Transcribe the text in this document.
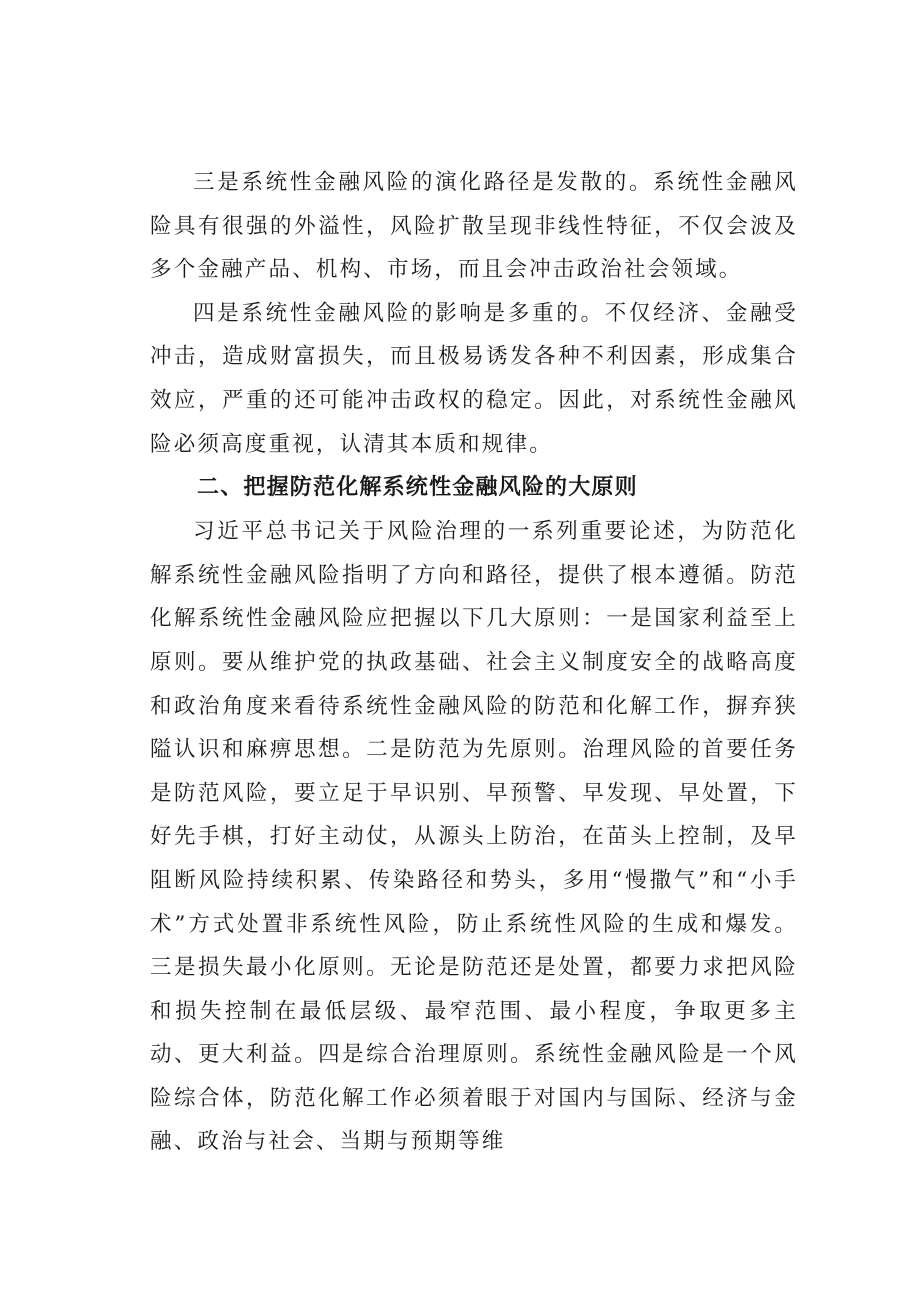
三是系统性金融风险的演化路径是发散的。系统性金融风险具有很强的外溢性，风险扩散呈现非线性特征，不仅会波及多个金融产品、机构、市场，而且会冲击政治社会领域。

四是系统性金融风险的影响是多重的。不仅经济、金融受冲击，造成财富损失，而且极易诱发各种不利因素，形成集合效应，严重的还可能冲击政权的稳定。因此，对系统性金融风险必须高度重视，认清其本质和规律。

二、把握防范化解系统性金融风险的大原则

习近平总书记关于风险治理的一系列重要论述，为防范化解系统性金融风险指明了方向和路径，提供了根本遵循。防范化解系统性金融风险应把握以下几大原则：一是国家利益至上原则。要从维护党的执政基础、社会主义制度安全的战略高度和政治角度来看待系统性金融风险的防范和化解工作，摒弃狭隘认识和麻痹思想。二是防范为先原则。治理风险的首要任务是防范风险，要立足于早识别、早预警、早发现、早处置，下好先手棋，打好主动仗，从源头上防治，在苗头上控制，及早阻断风险持续积累、传染路径和势头，多用“慢撒气”和“小手术”方式处置非系统性风险，防止系统性风险的生成和爆发。三是损失最小化原则。无论是防范还是处置，都要力求把风险和损失控制在最低层级、最窄范围、最小程度，争取更多主动、更大利益。四是综合治理原则。系统性金融风险是一个风险综合体，防范化解工作必须着眼于对国内与国际、经济与金融、政治与社会、当期与预期等维
